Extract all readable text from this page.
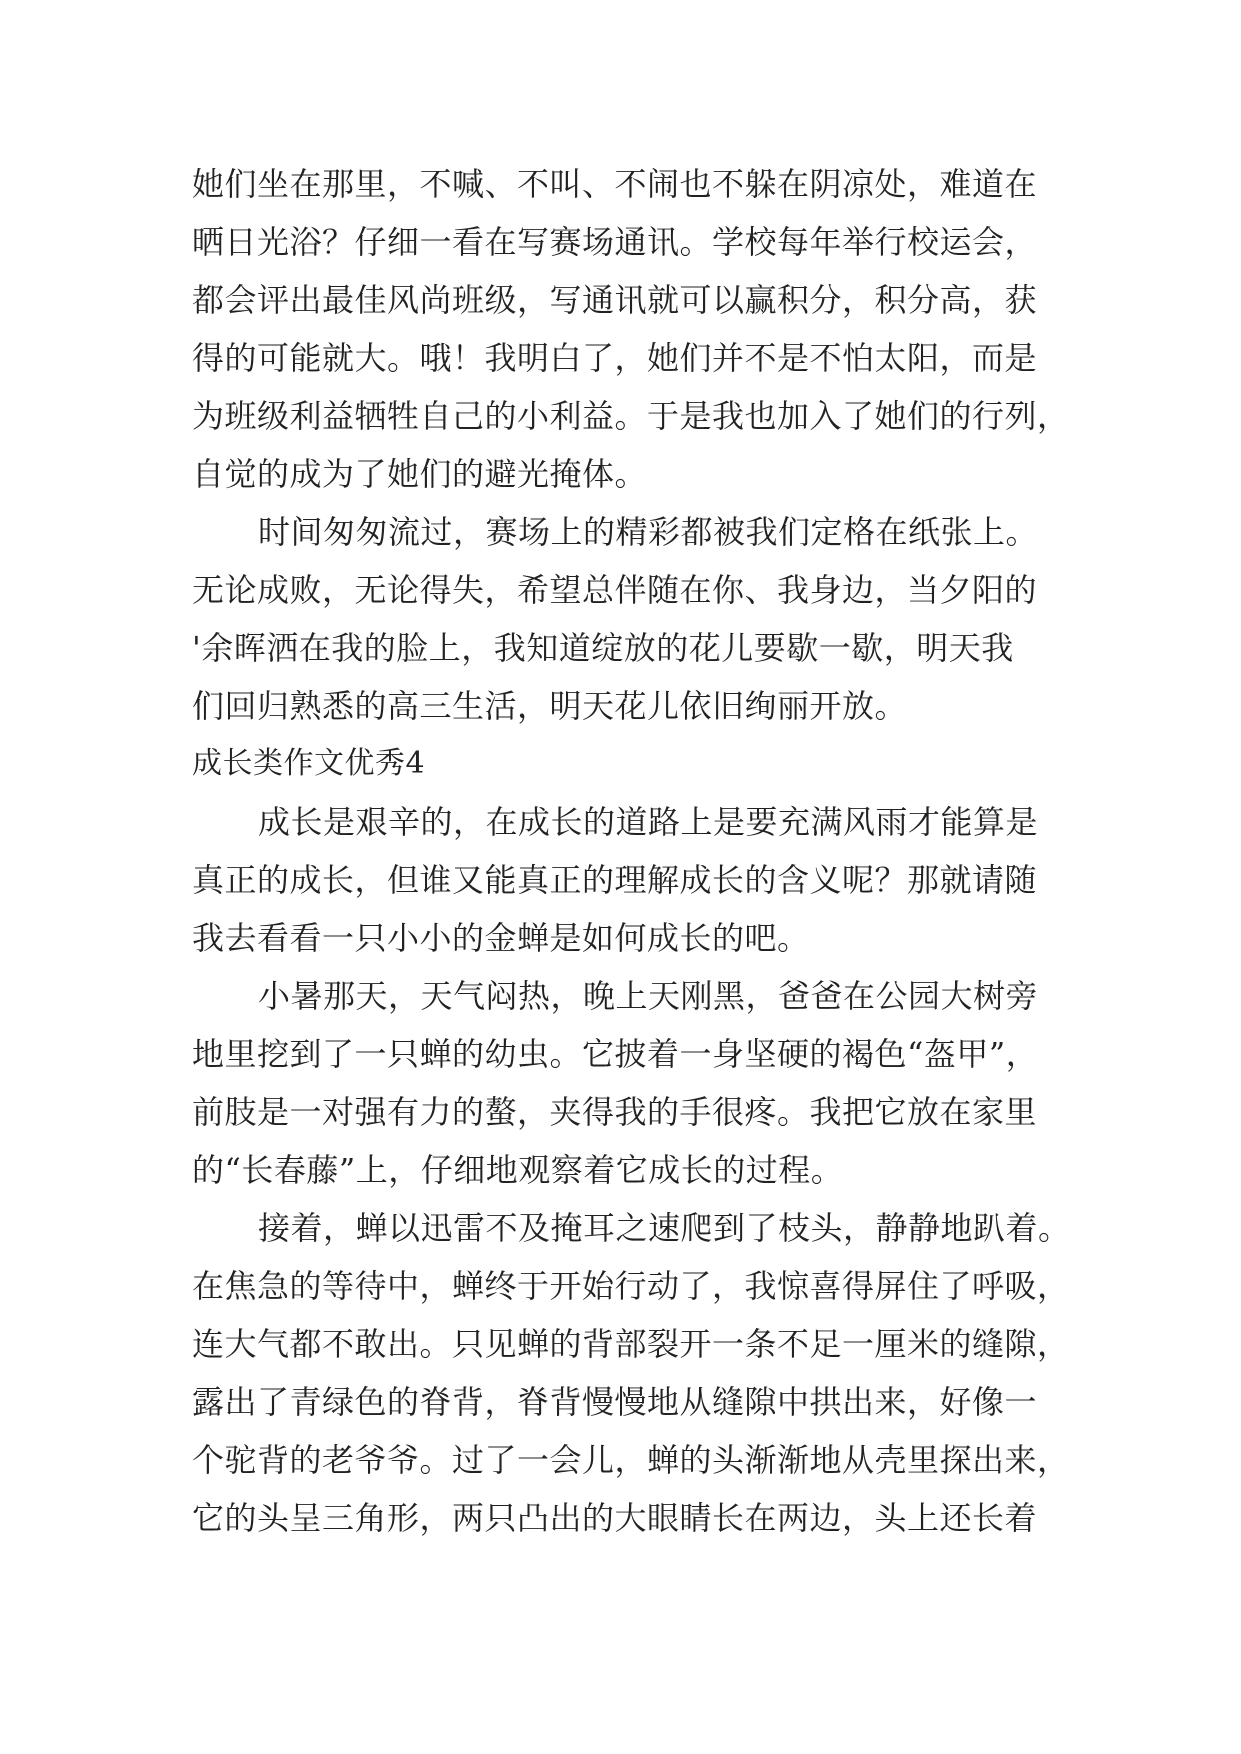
她们坐在那里，不喊、不叫、不闹也不躲在阴凉处，难道在
晒日光浴？仔细一看在写赛场通讯。学校每年举行校运会，
都会评出最佳风尚班级，写通讯就可以赢积分，积分高，获
得的可能就大。哦！我明白了，她们并不是不怕太阳，而是
为班级利益牺牲自己的小利益。于是我也加入了她们的行列，
自觉的成为了她们的避光掩体。
时间匆匆流过，赛场上的精彩都被我们定格在纸张上。
无论成败，无论得失，希望总伴随在你、我身边，当夕阳的
'余晖洒在我的脸上，我知道绽放的花儿要歇一歇，明天我
们回归熟悉的高三生活，明天花儿依旧绚丽开放。
成长类作文优秀4
成长是艰辛的，在成长的道路上是要充满风雨才能算是
真正的成长，但谁又能真正的理解成长的含义呢？那就请随
我去看看一只小小的金蝉是如何成长的吧。
小暑那天，天气闷热，晚上天刚黑，爸爸在公园大树旁
地里挖到了一只蝉的幼虫。它披着一身坚硬的褐色“盔甲”，
前肢是一对强有力的螯，夹得我的手很疼。我把它放在家里
的“长春藤”上，仔细地观察着它成长的过程。
接着，蝉以迅雷不及掩耳之速爬到了枝头，静静地趴着。
在焦急的等待中，蝉终于开始行动了，我惊喜得屏住了呼吸，
连大气都不敢出。只见蝉的背部裂开一条不足一厘米的缝隙，
露出了青绿色的脊背，脊背慢慢地从缝隙中拱出来，好像一
个驼背的老爷爷。过了一会儿，蝉的头渐渐地从壳里探出来，
它的头呈三角形，两只凸出的大眼睛长在两边，头上还长着
